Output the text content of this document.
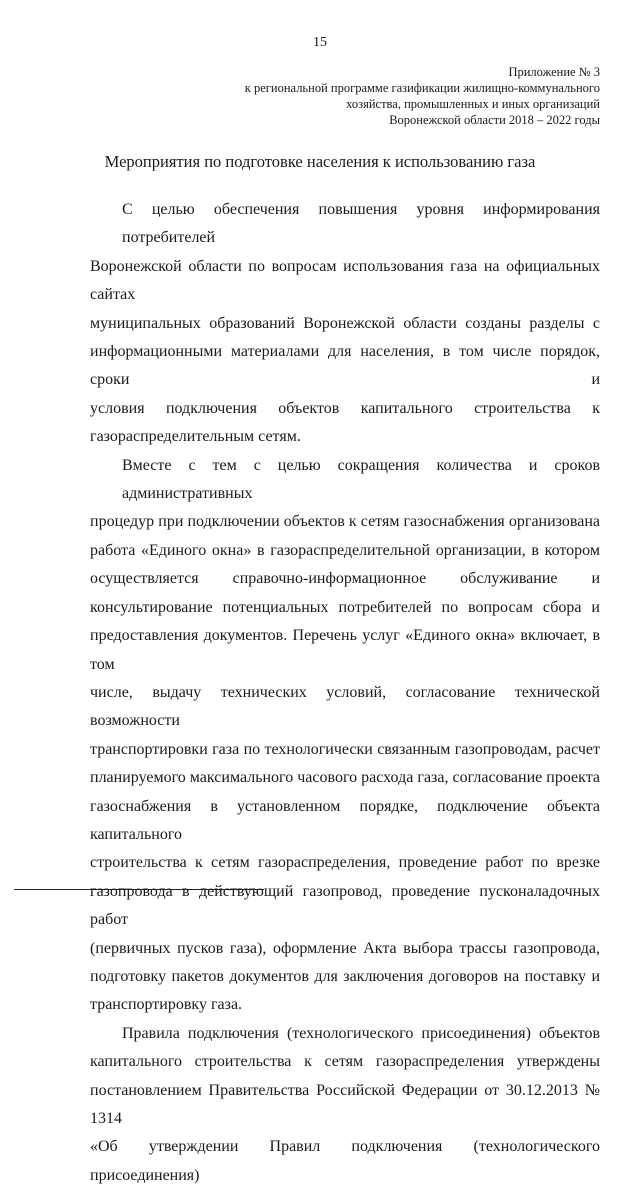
15
Приложение № 3
к региональной программе газификации жилищно-коммунального
хозяйства, промышленных и иных организаций
Воронежской области 2018 – 2022 годы
Мероприятия по подготовке населения к использованию газа
С целью обеспечения повышения уровня информирования потребителей
Воронежской области по вопросам использования газа на официальных сайтах
муниципальных образований Воронежской области созданы разделы с
информационными материалами для населения, в том числе порядок, сроки и
условия подключения объектов капитального строительства к
газораспределительным сетям.
Вместе с тем с целью сокращения количества и сроков административных
процедур при подключении объектов к сетям газоснабжения организована
работа «Единого окна» в газораспределительной организации, в котором
осуществляется справочно-информационное обслуживание и
консультирование потенциальных потребителей по вопросам сбора и
предоставления документов. Перечень услуг «Единого окна» включает, в том
числе, выдачу технических условий, согласование технической возможности
транспортировки газа по технологически связанным газопроводам, расчет
планируемого максимального часового расхода газа, согласование проекта
газоснабжения в установленном порядке, подключение объекта капитального
строительства к сетям газораспределения, проведение работ по врезке
газопровода в действующий газопровод, проведение пусконаладочных работ
(первичных пусков газа), оформление Акта выбора трассы газопровода,
подготовку пакетов документов для заключения договоров на поставку и
транспортировку газа.
Правила подключения (технологического присоединения) объектов
капитального строительства к сетям газораспределения утверждены
постановлением Правительства Российской Федерации от 30.12.2013 № 1314
«Об утверждении Правил подключения (технологического присоединения)
